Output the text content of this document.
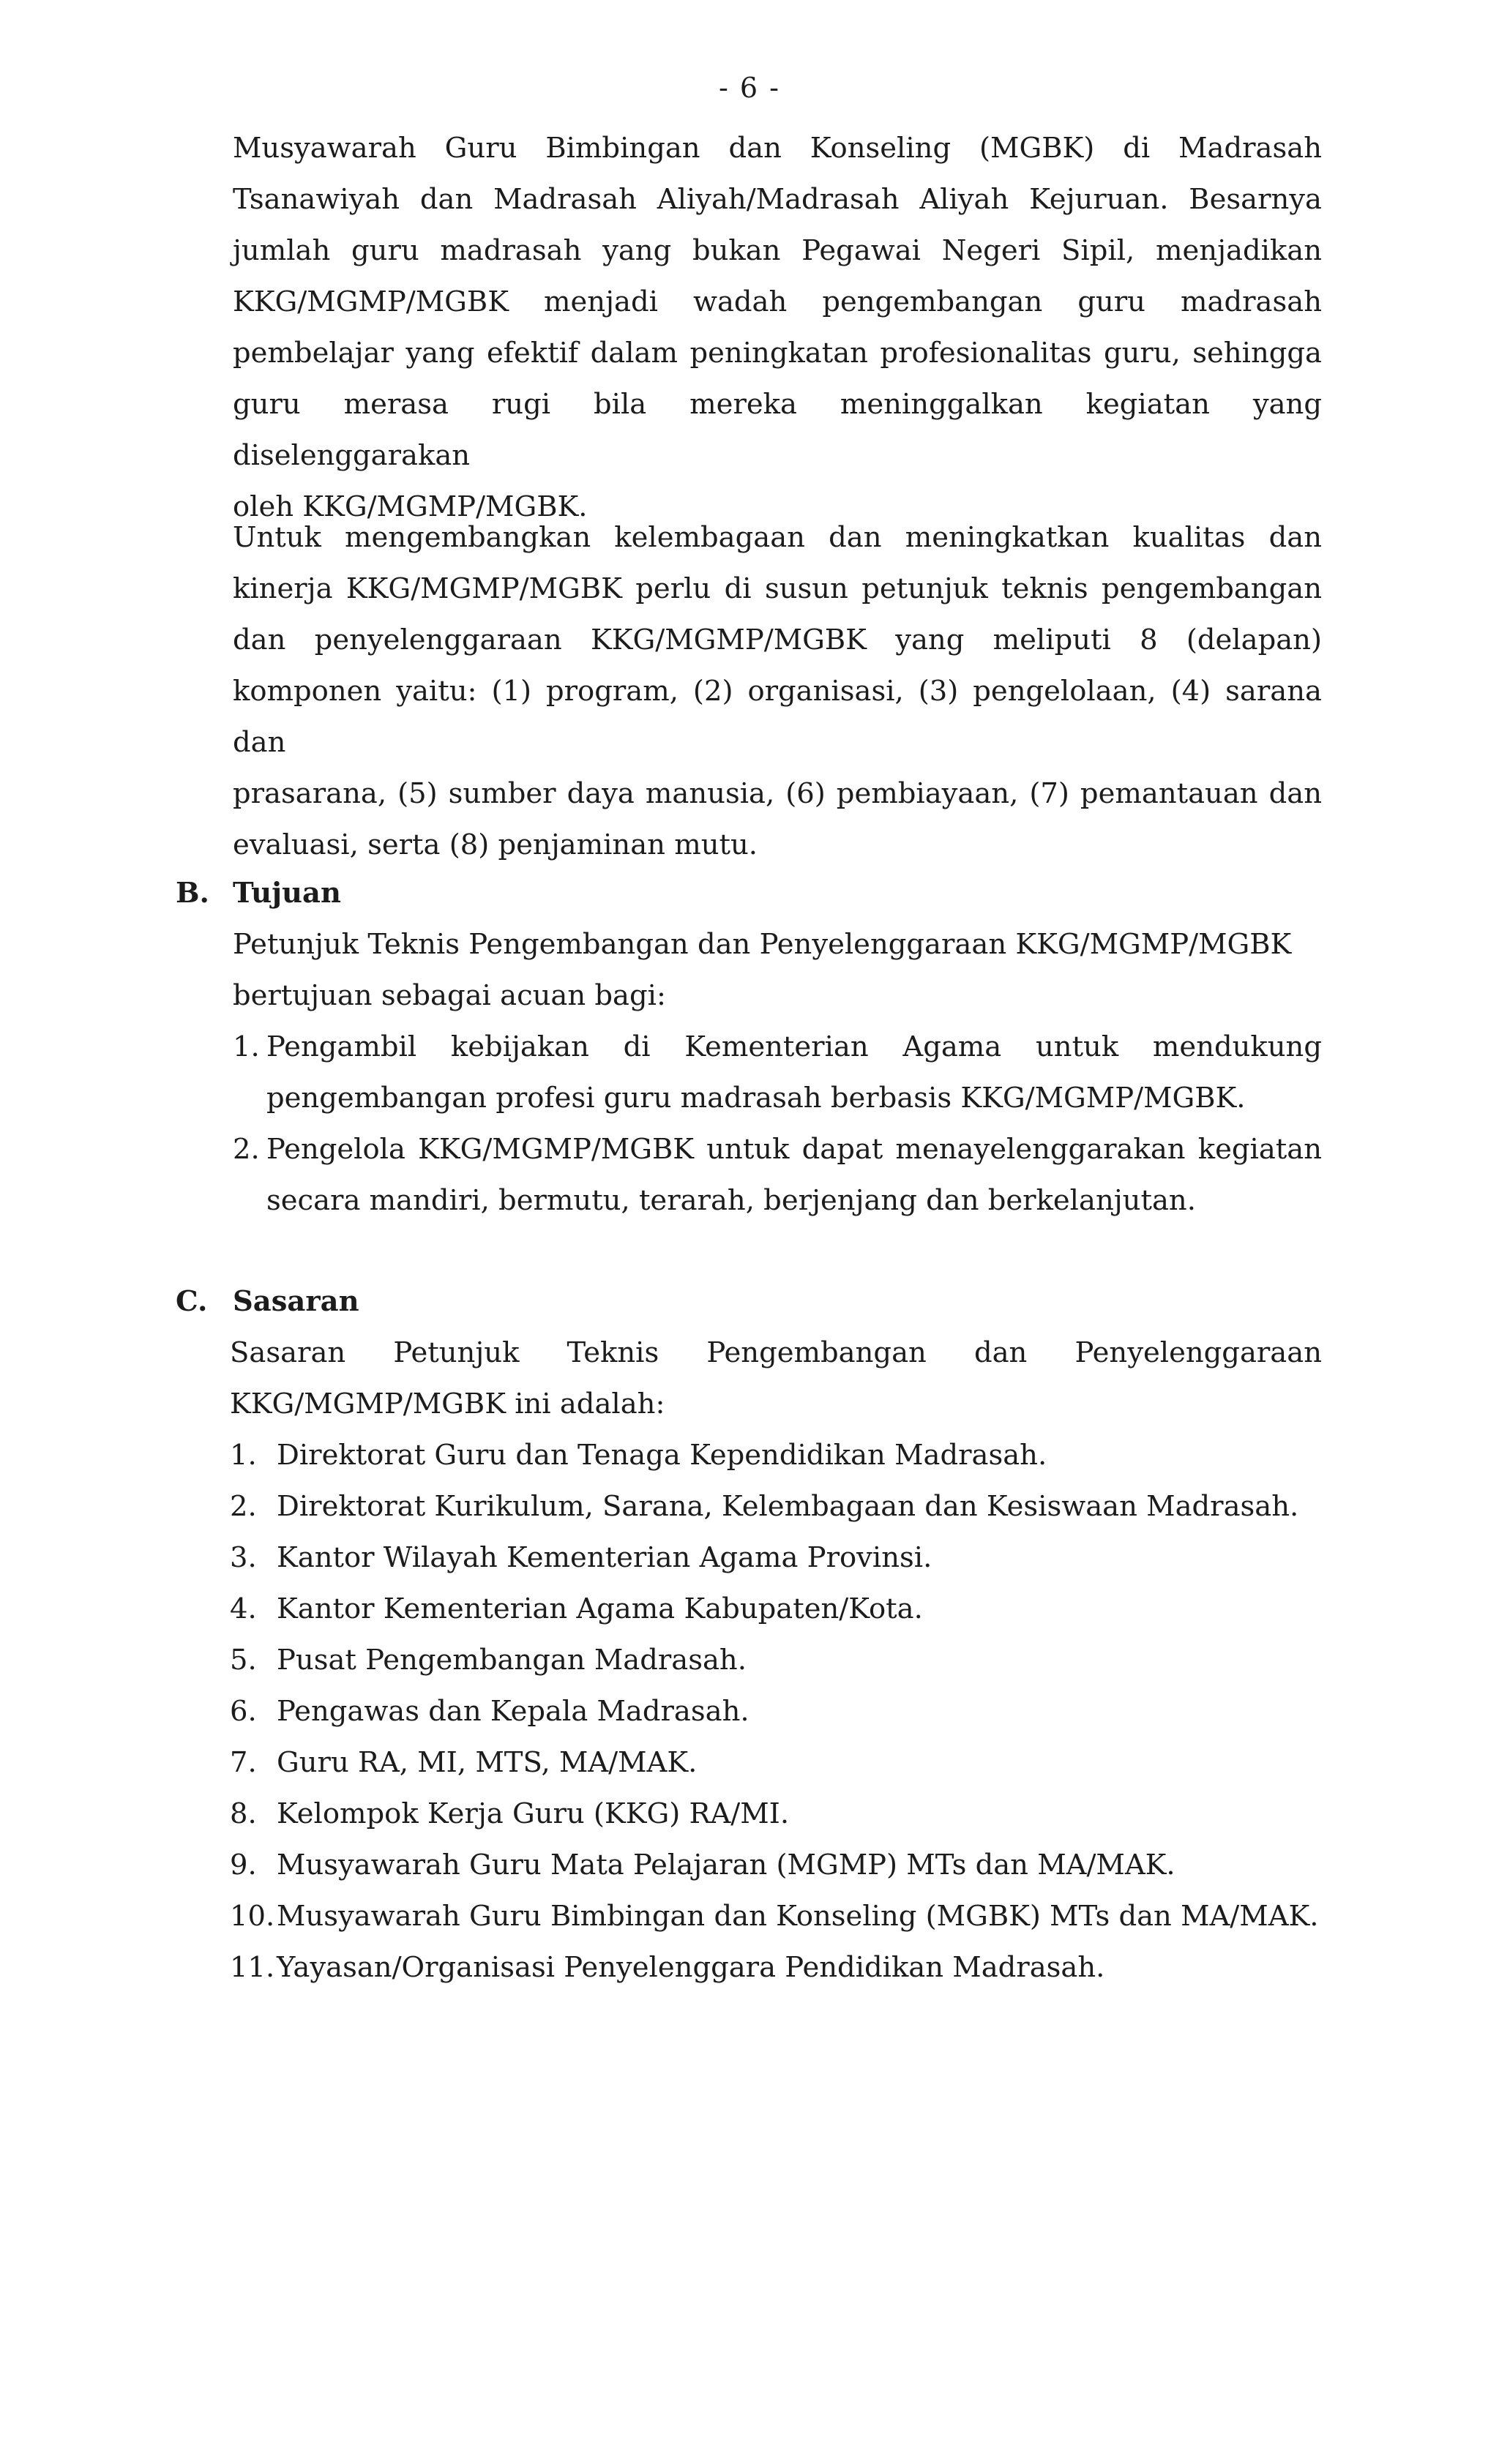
- 6 -

Musyawarah Guru Bimbingan dan Konseling (MGBK) di Madrasah
Tsanawiyah dan Madrasah Aliyah/Madrasah Aliyah Kejuruan. Besarnya
jumlah guru madrasah yang bukan Pegawai Negeri Sipil, menjadikan
KKG/MGMP/MGBK menjadi wadah pengembangan guru madrasah
pembelajar yang efektif dalam peningkatan profesionalitas guru, sehingga
guru merasa rugi bila mereka meninggalkan kegiatan yang diselenggarakan
oleh KKG/MGMP/MGBK.

Untuk mengembangkan kelembagaan dan meningkatkan kualitas dan
kinerja KKG/MGMP/MGBK perlu di susun petunjuk teknis pengembangan
dan penyelenggaraan KKG/MGMP/MGBK yang meliputi 8 (delapan)
komponen yaitu: (1) program, (2) organisasi, (3) pengelolaan, (4) sarana dan
prasarana, (5) sumber daya manusia, (6) pembiayaan, (7) pemantauan dan
evaluasi, serta (8) penjaminan mutu.

B. Tujuan

Petunjuk Teknis Pengembangan dan Penyelenggaraan KKG/MGMP/MGBK
bertujuan sebagai acuan bagi:

1. Pengambil kebijakan di Kementerian Agama untuk mendukung
pengembangan profesi guru madrasah berbasis KKG/MGMP/MGBK.
2. Pengelola KKG/MGMP/MGBK untuk dapat menayelenggarakan kegiatan
secara mandiri, bermutu, terarah, berjenjang dan berkelanjutan.
C. Sasaran

Sasaran Petunjuk Teknis Pengembangan dan Penyelenggaraan
KKG/MGMP/MGBK ini adalah:

1. Direktorat Guru dan Tenaga Kependidikan Madrasah.
2. Direktorat Kurikulum, Sarana, Kelembagaan dan Kesiswaan Madrasah.
3. Kantor Wilayah Kementerian Agama Provinsi.
4. Kantor Kementerian Agama Kabupaten/Kota.
5. Pusat Pengembangan Madrasah.
6. Pengawas dan Kepala Madrasah.
7. Guru RA, MI, MTS, MA/MAK.
8. Kelompok Kerja Guru (KKG) RA/MI.
9. Musyawarah Guru Mata Pelajaran (MGMP) MTs dan MA/MAK.
10. Musyawarah Guru Bimbingan dan Konseling (MGBK) MTs dan MA/MAK.
11. Yayasan/Organisasi Penyelenggara Pendidikan Madrasah.
